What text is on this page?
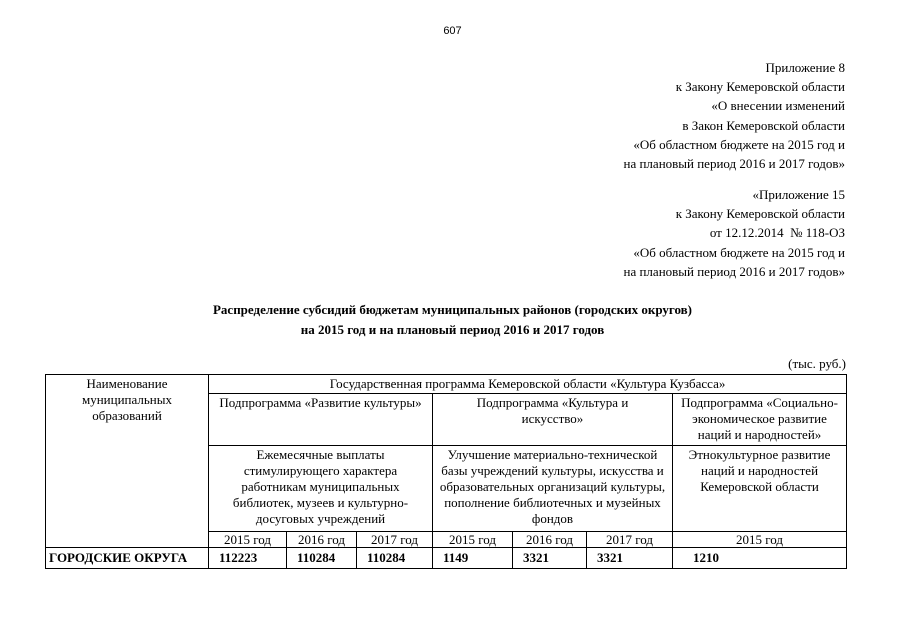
607
Приложение 8
к Закону Кемеровской области
«О внесении изменений
в Закон Кемеровской области
«Об областном бюджете на 2015 год и
на плановый период 2016 и 2017 годов»
«Приложение 15
к Закону Кемеровской области
от 12.12.2014  № 118-ОЗ
«Об областном бюджете на 2015 год и
на плановый период 2016 и 2017 годов»
Распределение субсидий бюджетам муниципальных районов (городских округов)
на 2015 год и на плановый период 2016 и 2017 годов
(тыс. руб.)
Наименование муниципальных образований	Государственная программа Кемеровской области «Культура Кузбасса»						
	Подпрограмма «Развитие культуры»			Подпрограмма «Культура и искусство»			Подпрограмма «Социально-экономическое развитие наций и народностей»
	Ежемесячные выплаты стимулирующего характера работникам муниципальных библиотек, музеев и культурно-досуговых учреждений			Улучшение материально-технической базы учреждений культуры, искусства и образовательных организаций культуры, пополнение библиотечных и музейных фондов			Этнокультурное развитие наций и народностей Кемеровской области
	2015 год	2016 год	2017 год	2015 год	2016 год	2017 год	2015 год
ГОРОДСКИЕ ОКРУГА	112223	110284	110284	1149	3321	3321	1210
